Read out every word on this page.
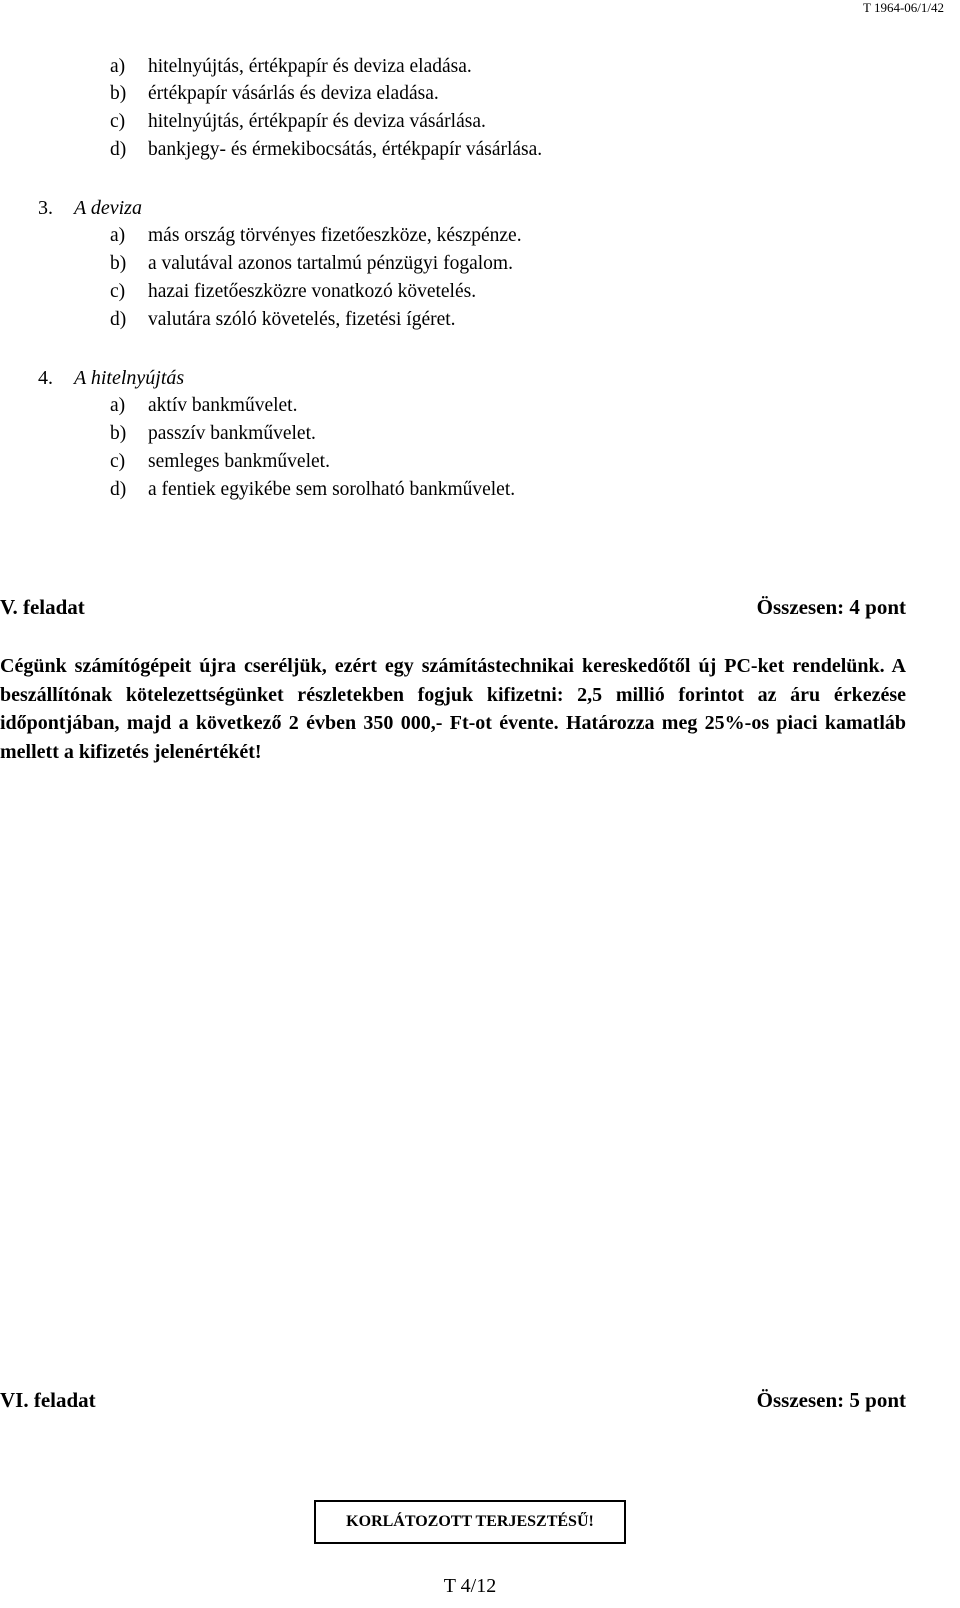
T 1964-06/1/42
a) hitelnyújtás, értékpapír és deviza eladása.
b) értékpapír vásárlás és deviza eladása.
c) hitelnyújtás, értékpapír és deviza vásárlása.
d) bankjegy- és érmekibocsátás, értékpapír vásárlása.
3. A deviza
a) más ország törvényes fizetőeszköze, készpénze.
b) a valutával azonos tartalmú pénzügyi fogalom.
c) hazai fizetőeszközre vonatkozó követelés.
d) valutára szóló követelés, fizetési ígéret.
4. A hitelnyújtás
a) aktív bankművelet.
b) passzív bankművelet.
c) semleges bankművelet.
d) a fentiek egyikébe sem sorolható bankművelet.
V. feladat	Összesen: 4 pont
Cégünk számítógépeit újra cseréljük, ezért egy számítástechnikai kereskedőtől új PC-ket rendelünk. A beszállítónak kötelezettségünket részletekben fogjuk kifizetni: 2,5 millió forintot az áru érkezése időpontjában, majd a következő 2 évben 350 000,- Ft-ot évente. Határozza meg 25%-os piaci kamatláb mellett a kifizetés jelenértékét!
VI. feladat	Összesen: 5 pont
KORLÁTOZOTT TERJESZTÉSŰ!
T 4/12
